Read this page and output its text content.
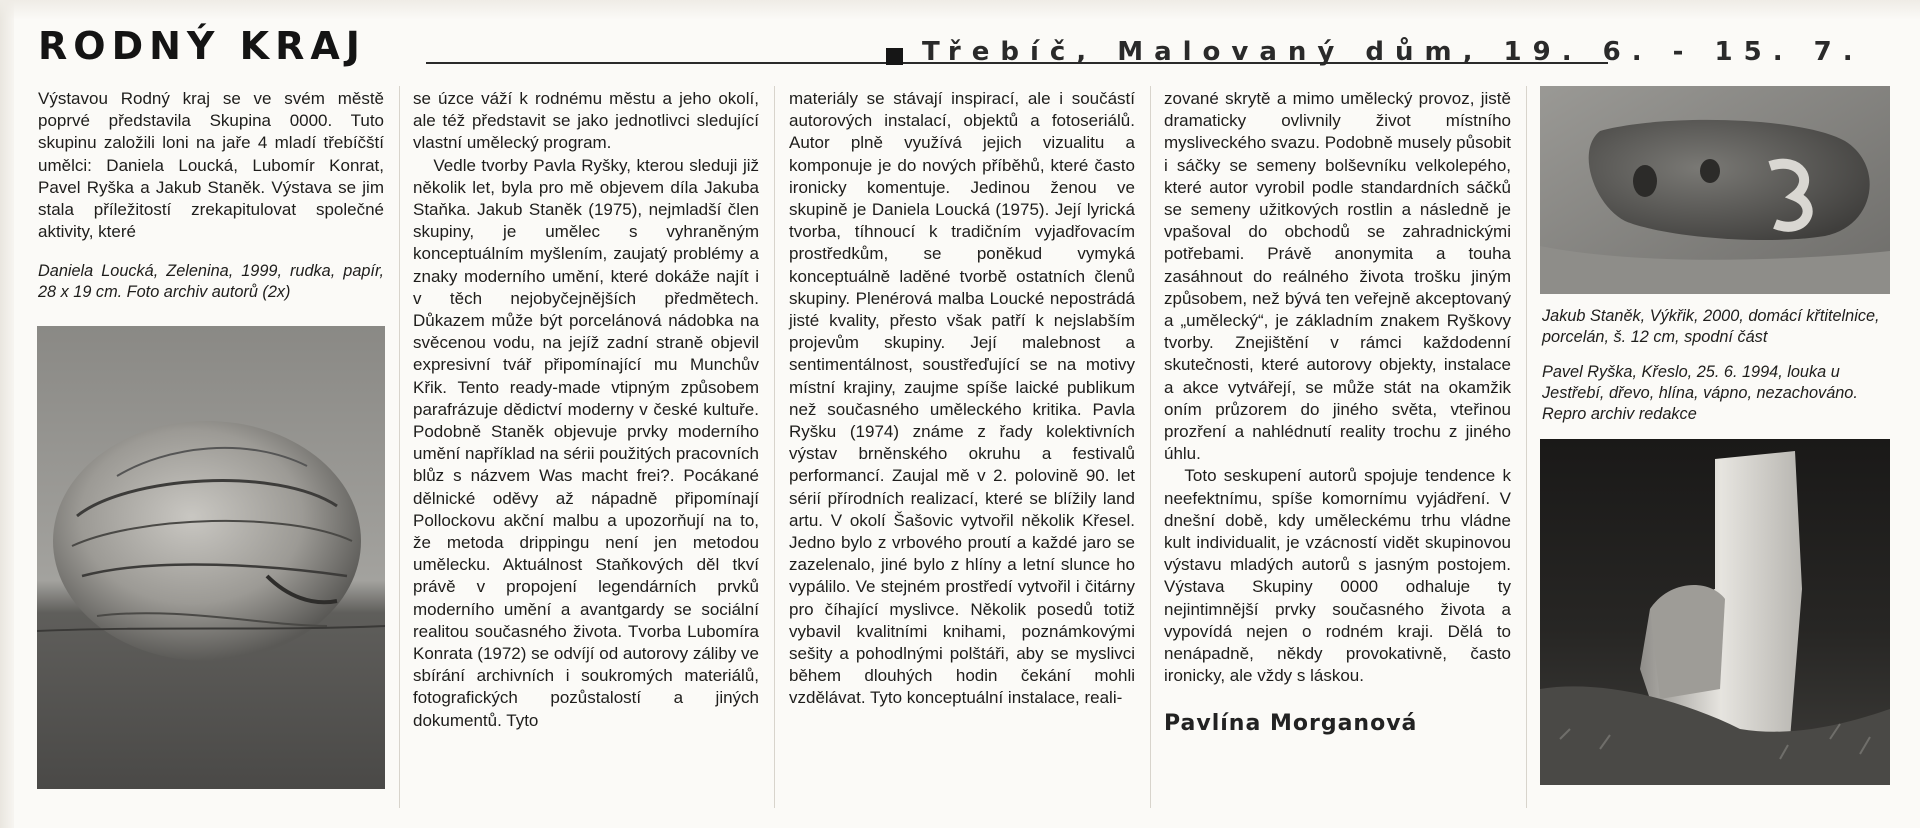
RODNÝ KRAJ	Třebíč, Malovaný dům, 19. 6. - 15. 7.

Výstavou Rodný kraj se ve svém městě poprvé představila Skupina 0000. Tuto skupinu založili loni na jaře 4 mladí třebíčští umělci: Daniela Loucká, Lubomír Konrat, Pavel Ryška a Jakub Staněk. Výstava se jim stala příležitostí zrekapitulovat společné aktivity, které

Daniela Loucká, Zelenina, 1999, rudka, papír, 28 x 19 cm. Foto archiv autorů (2x)

se úzce váží k rodnému městu a jeho okolí, ale též představit se jako jednotlivci sledující vlastní umělecký program.

Vedle tvorby Pavla Ryšky, kterou sleduji již několik let, byla pro mě objevem díla Jakuba Staňka. Jakub Staněk (1975), nejmladší člen skupiny, je umělec s vyhraněným konceptuálním myšlením, zaujatý problémy a znaky moderního umění, které dokáže najít i v těch nejobyčejnějších předmětech. Důkazem může být porcelánová nádobka na svěcenou vodu, na jejíž zadní straně objevil expresivní tvář připomínající mu Munchův Křik. Tento ready-made vtipným způsobem parafrázuje dědictví moderny v české kultuře. Podobně Staněk objevuje prvky moderního umění například na sérii použitých pracovních blůz s názvem Was macht frei?. Pocákané dělnické oděvy až nápadně připomínají Pollockovu akční malbu a upozorňují na to, že metoda drippingu není jen metodou umělecku. Aktuálnost Staňkových děl tkví právě v propojení legendárních prvků moderního umění a avantgardy se sociální realitou současného života. Tvorba Lubomíra Konrata (1972) se odvíjí od autorovy záliby ve sbírání archivních i soukromých materiálů, fotografických pozůstalostí a jiných dokumentů. Tyto

materiály se stávají inspirací, ale i součástí autorových instalací, objektů a fotoseriálů. Autor plně využívá jejich vizualitu a komponuje je do nových příběhů, které často ironicky komentuje. Jedinou ženou ve skupině je Daniela Loucká (1975). Její lyrická tvorba, tíhnoucí k tradičním vyjadřovacím prostředkům, se poněkud vymyká konceptuálně laděné tvorbě ostatních členů skupiny. Plenérová malba Loucké nepostrádá jisté kvality, přesto však patří k nejslabším projevům skupiny. Její malebnost a sentimentálnost, soustřeďující se na motivy místní krajiny, zaujme spíše laické publikum než současného uměleckého kritika. Pavla Ryšku (1974) známe z řady kolektivních výstav brněnského okruhu a festivalů performancí. Zaujal mě v 2. polovině 90. let sérií přírodních realizací, které se blížily land artu. V okolí Šašovic vytvořil několik Křesel. Jedno bylo z vrbového proutí a každé jaro se zazelenalo, jiné bylo z hlíny a letní slunce ho vypálilo. Ve stejném prostředí vytvořil i čitárny pro číhající myslivce. Několik posedů totiž vybavil kvalitními knihami, poznámkovými sešity a pohodlnými polštáři, aby se myslivci během dlouhých hodin čekání mohli vzdělávat. Tyto konceptuální instalace, reali-

zované skrytě a mimo umělecký provoz, jistě dramaticky ovlivnily život místního mysliveckého svazu. Podobně musely působit i sáčky se semeny bolševníku velkolepého, které autor vyrobil podle standardních sáčků se semeny užitkových rostlin a následně je vpašoval do obchodů se zahradnickými potřebami. Právě anonymita a touha zasáhnout do reálného života trošku jiným způsobem, než bývá ten veřejně akceptovaný a „umělecký“, je základním znakem Ryškovy tvorby. Zneјištění v rámci každodenní skutečnosti, které autorovy objekty, instalace a akce vytvářejí, se může stát na okamžik oním průzorem do jiného světa, vteřinou prozření a nahlédnutí reality trochu z jiného úhlu.

Toto seskupení autorů spojuje tendence k neefektnímu, spíše komornímu vyjádření. V dnešní době, kdy uměleckému trhu vládne kult individualit, je vzácností vidět skupinovou výstavu mladých autorů s jasným postojem. Výstava Skupiny 0000 odhaluje ty nejintimnější prvky současného života a vypovídá nejen o rodném kraji. Dělá to nenápadně, někdy provokativně, často ironicky, ale vždy s láskou.

Pavlína Morganová

Jakub Staněk, Výkřik, 2000, domácí křtitelnice, porcelán, š. 12 cm, spodní část

Pavel Ryška, Křeslo, 25. 6. 1994, louka u Jestřebí, dřevo, hlína, vápno, nezachováno. Repro archiv redakce
